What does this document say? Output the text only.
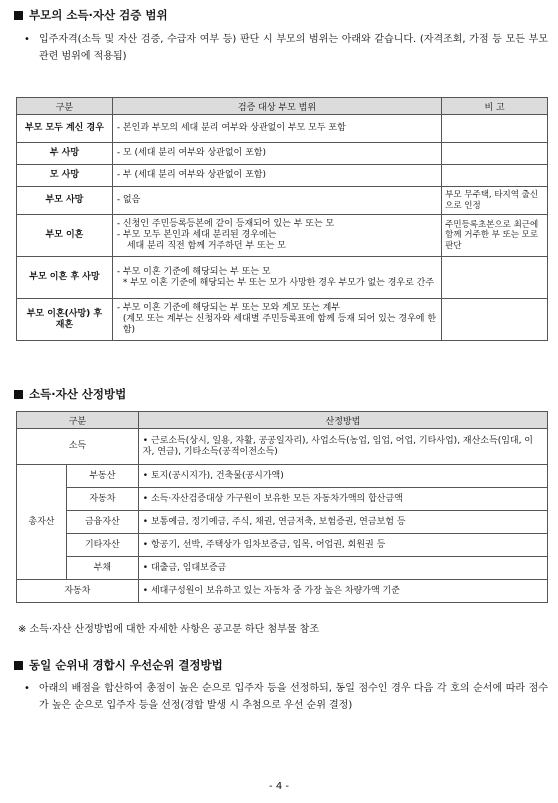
부모의 소득·자산 검증 범위
• 입주자격(소득 및 자산 검증, 수급자 여부 등) 판단 시 부모의 범위는 아래와 같습니다. (자격조회, 가점 등 모든 부모 관련 범위에 적용됨)
구분	검증 대상 부모 범위	비 고
부모 모두 계신 경우	- 본인과 부모의 세대 분리 여부와 상관없이 부모 모두 포함	
부 사망	- 모 (세대 분리 여부와 상관없이 포함)	
모 사망	- 부 (세대 분리 여부와 상관없이 포함)	
부모 사망	- 없음	부모 무주택, 타지역 출신으로 인정
부모 이혼	- 신청인 주민등록등본에 같이 등재되어 있는 부 또는 모
- 부모 모두 본인과 세대 분리된 경우에는
세대 분리 직전 함께 거주하던 부 또는 모	주민등록초본으로 최근에 함께 거주한 부 또는 모로 판단
부모 이혼 후 사망	- 부모 이혼 기준에 해당되는 부 또는 모
* 부모 이혼 기준에 해당되는 부 또는 모가 사망한 경우 부모가 없는 경우로 간주	

부모 이혼(사망) 후 재혼	- 부모 이혼 기준에 해당되는 부 또는 모와 계모 또는 계부
(계모 또는 계부는 신청자와 세대별 주민등록표에 함께 등재 되어 있는 경우에 한함)	

소득·자산 산정방법
구분		산정방법
소득		• 근로소득(상시, 일용, 자활, 공공일자리), 사업소득(농업, 임업, 어업, 기타사업), 재산소득(임대, 이자, 연금), 기타소득(공적이전소득)
총자산	부동산	• 토지(공시지가), 건축물(공시가액)
	자동차	• 소득·자산검증대상 가구원이 보유한 모든 자동차가액의 합산금액
	금융자산	• 보통예금, 정기예금, 주식, 채권, 연금저축, 보험증권, 연금보험 등
	기타자산	• 항공기, 선박, 주택상가 임차보증금, 입목, 어업권, 회원권 등
	부채	• 대출금, 임대보증금
자동차		• 세대구성원이 보유하고 있는 자동차 중 가장 높은 차량가액 기준
※ 소득·자산 산정방법에 대한 자세한 사항은 공고문 하단 첨부물 참조
동일 순위내 경합시 우선순위 결정방법
• 아래의 배점을 합산하여 총점이 높은 순으로 입주자 등을 선정하되, 동일 점수인 경우 다음 각 호의 순서에 따라 점수가 높은 순으로 입주자 등을 선정(경합 발생 시 추첨으로 우선 순위 결정)
- 4 -
